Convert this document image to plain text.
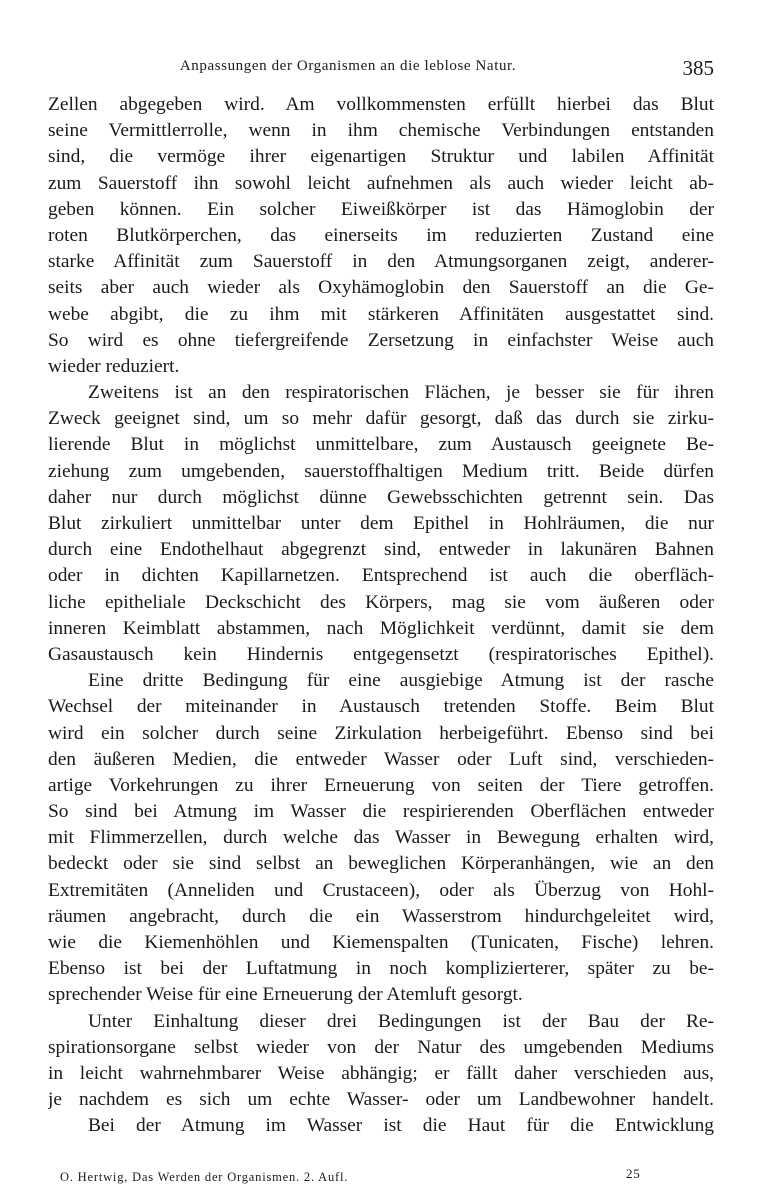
Anpassungen der Organismen an die leblose Natur.	385
Zellen abgegeben wird. Am vollkommensten erfüllt hierbei das Blut
seine Vermittlerrolle, wenn in ihm chemische Verbindungen entstanden
sind, die vermöge ihrer eigenartigen Struktur und labilen Affinität
zum Sauerstoff ihn sowohl leicht aufnehmen als auch wieder leicht ab-
geben können. Ein solcher Eiweißkörper ist das Hämoglobin der
roten Blutkörperchen, das einerseits im reduzierten Zustand eine
starke Affinität zum Sauerstoff in den Atmungsorganen zeigt, anderer-
seits aber auch wieder als Oxyhämoglobin den Sauerstoff an die Ge-
webe abgibt, die zu ihm mit stärkeren Affinitäten ausgestattet sind.
So wird es ohne tiefergreifende Zersetzung in einfachster Weise auch
wieder reduziert.
Zweitens ist an den respiratorischen Flächen, je besser sie für ihren
Zweck geeignet sind, um so mehr dafür gesorgt, daß das durch sie zirku-
lierende Blut in möglichst unmittelbare, zum Austausch geeignete Be-
ziehung zum umgebenden, sauerstoffhaltigen Medium tritt. Beide dürfen
daher nur durch möglichst dünne Gewebsschichten getrennt sein. Das
Blut zirkuliert unmittelbar unter dem Epithel in Hohlräumen, die nur
durch eine Endothelhaut abgegrenzt sind, entweder in lakunären Bahnen
oder in dichten Kapillarnetzen. Entsprechend ist auch die oberfläch-
liche epitheliale Deckschicht des Körpers, mag sie vom äußeren oder
inneren Keimblatt abstammen, nach Möglichkeit verdünnt, damit sie dem
Gasaustausch kein Hindernis entgegensetzt (respiratorisches Epithel).
Eine dritte Bedingung für eine ausgiebige Atmung ist der rasche
Wechsel der miteinander in Austausch tretenden Stoffe. Beim Blut
wird ein solcher durch seine Zirkulation herbeigeführt. Ebenso sind bei
den äußeren Medien, die entweder Wasser oder Luft sind, verschieden-
artige Vorkehrungen zu ihrer Erneuerung von seiten der Tiere getroffen.
So sind bei Atmung im Wasser die respirierenden Oberflächen entweder
mit Flimmerzellen, durch welche das Wasser in Bewegung erhalten wird,
bedeckt oder sie sind selbst an beweglichen Körperanhängen, wie an den
Extremitäten (Anneliden und Crustaceen), oder als Überzug von Hohl-
räumen angebracht, durch die ein Wasserstrom hindurchgeleitet wird,
wie die Kiemenhöhlen und Kiemenspalten (Tunicaten, Fische) lehren.
Ebenso ist bei der Luftatmung in noch komplizierterer, später zu be-
sprechender Weise für eine Erneuerung der Atemluft gesorgt.
Unter Einhaltung dieser drei Bedingungen ist der Bau der Re-
spirationsorgane selbst wieder von der Natur des umgebenden Mediums
in leicht wahrnehmbarer Weise abhängig; er fällt daher verschieden aus,
je nachdem es sich um echte Wasser- oder um Landbewohner handelt.
Bei der Atmung im Wasser ist die Haut für die Entwicklung
O. Hertwig, Das Werden der Organismen. 2. Aufl.	25
